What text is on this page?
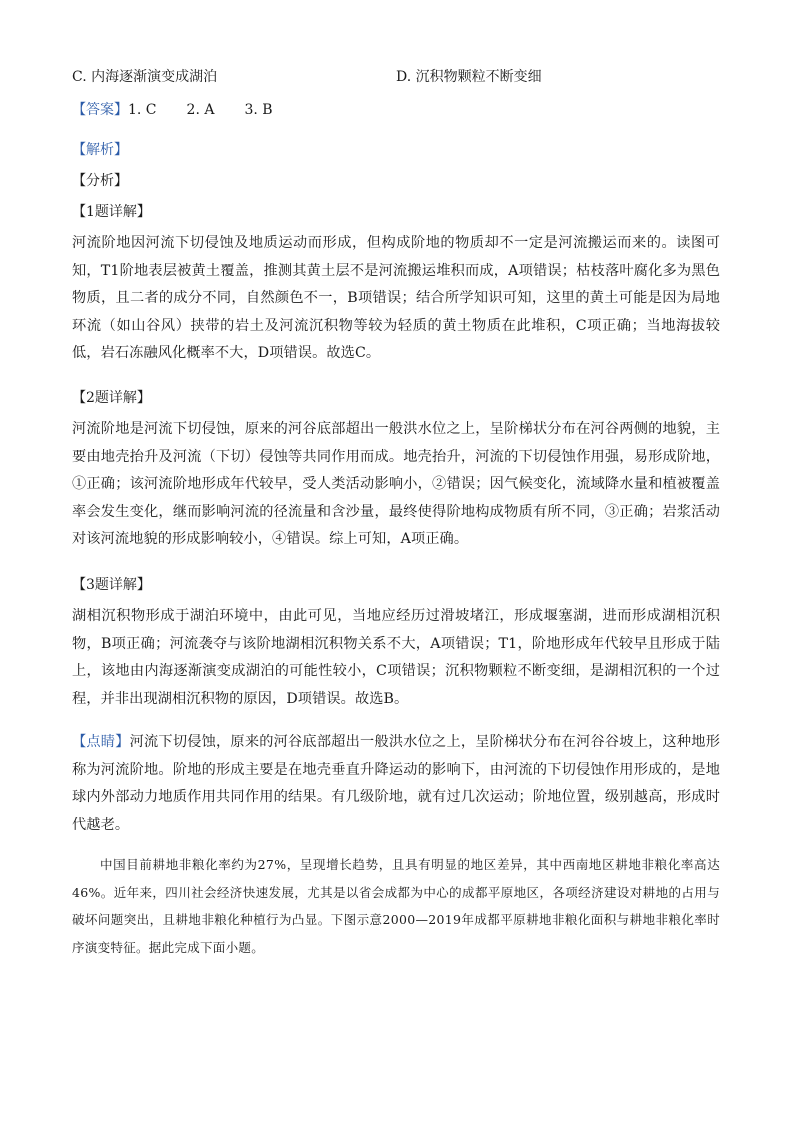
C. 内海逐渐演变成湖泊	D. 沉积物颗粒不断变细
【答案】1. C 2. A 3. B
【解析】
【分析】
【1题详解】

河流阶地因河流下切侵蚀及地质运动而形成，但构成阶地的物质却不一定是河流搬运而来的。读图可知，T1阶地表层被黄土覆盖，推测其黄土层不是河流搬运堆积而成，A项错误；枯枝落叶腐化多为黑色物质，且二者的成分不同，自然颜色不一，B项错误；结合所学知识可知，这里的黄土可能是因为局地环流（如山谷风）挟带的岩土及河流沉积物等较为轻质的黄土物质在此堆积，C项正确；当地海拔较低，岩石冻融风化概率不大，D项错误。故选C。

【2题详解】

河流阶地是河流下切侵蚀，原来的河谷底部超出一般洪水位之上，呈阶梯状分布在河谷两侧的地貌，主要由地壳抬升及河流（下切）侵蚀等共同作用而成。地壳抬升，河流的下切侵蚀作用强，易形成阶地，①正确；该河流阶地形成年代较早，受人类活动影响小，②错误；因气候变化，流域降水量和植被覆盖率会发生变化，继而影响河流的径流量和含沙量，最终使得阶地构成物质有所不同，③正确；岩浆活动对该河流地貌的形成影响较小，④错误。综上可知，A项正确。

【3题详解】

湖相沉积物形成于湖泊环境中，由此可见，当地应经历过滑坡堵江，形成堰塞湖，进而形成湖相沉积物，B项正确；河流袭夺与该阶地湖相沉积物关系不大，A项错误；T1，阶地形成年代较早且形成于陆上，该地由内海逐渐演变成湖泊的可能性较小，C项错误；沉积物颗粒不断变细，是湖相沉积的一个过程，并非出现湖相沉积物的原因，D项错误。故选B。

【点睛】河流下切侵蚀，原来的河谷底部超出一般洪水位之上，呈阶梯状分布在河谷谷坡上，这种地形称为河流阶地。阶地的形成主要是在地壳垂直升降运动的影响下，由河流的下切侵蚀作用形成的，是地球内外部动力地质作用共同作用的结果。有几级阶地，就有过几次运动；阶地位置，级别越高，形成时代越老。

中国目前耕地非粮化率约为27%，呈现增长趋势，且具有明显的地区差异，其中西南地区耕地非粮化率高达46%。近年来，四川社会经济快速发展，尤其是以省会成都为中心的成都平原地区，各项经济建设对耕地的占用与破坏问题突出，且耕地非粮化种植行为凸显。下图示意2000—2019年成都平原耕地非粮化面积与耕地非粮化率时序演变特征。据此完成下面小题。
